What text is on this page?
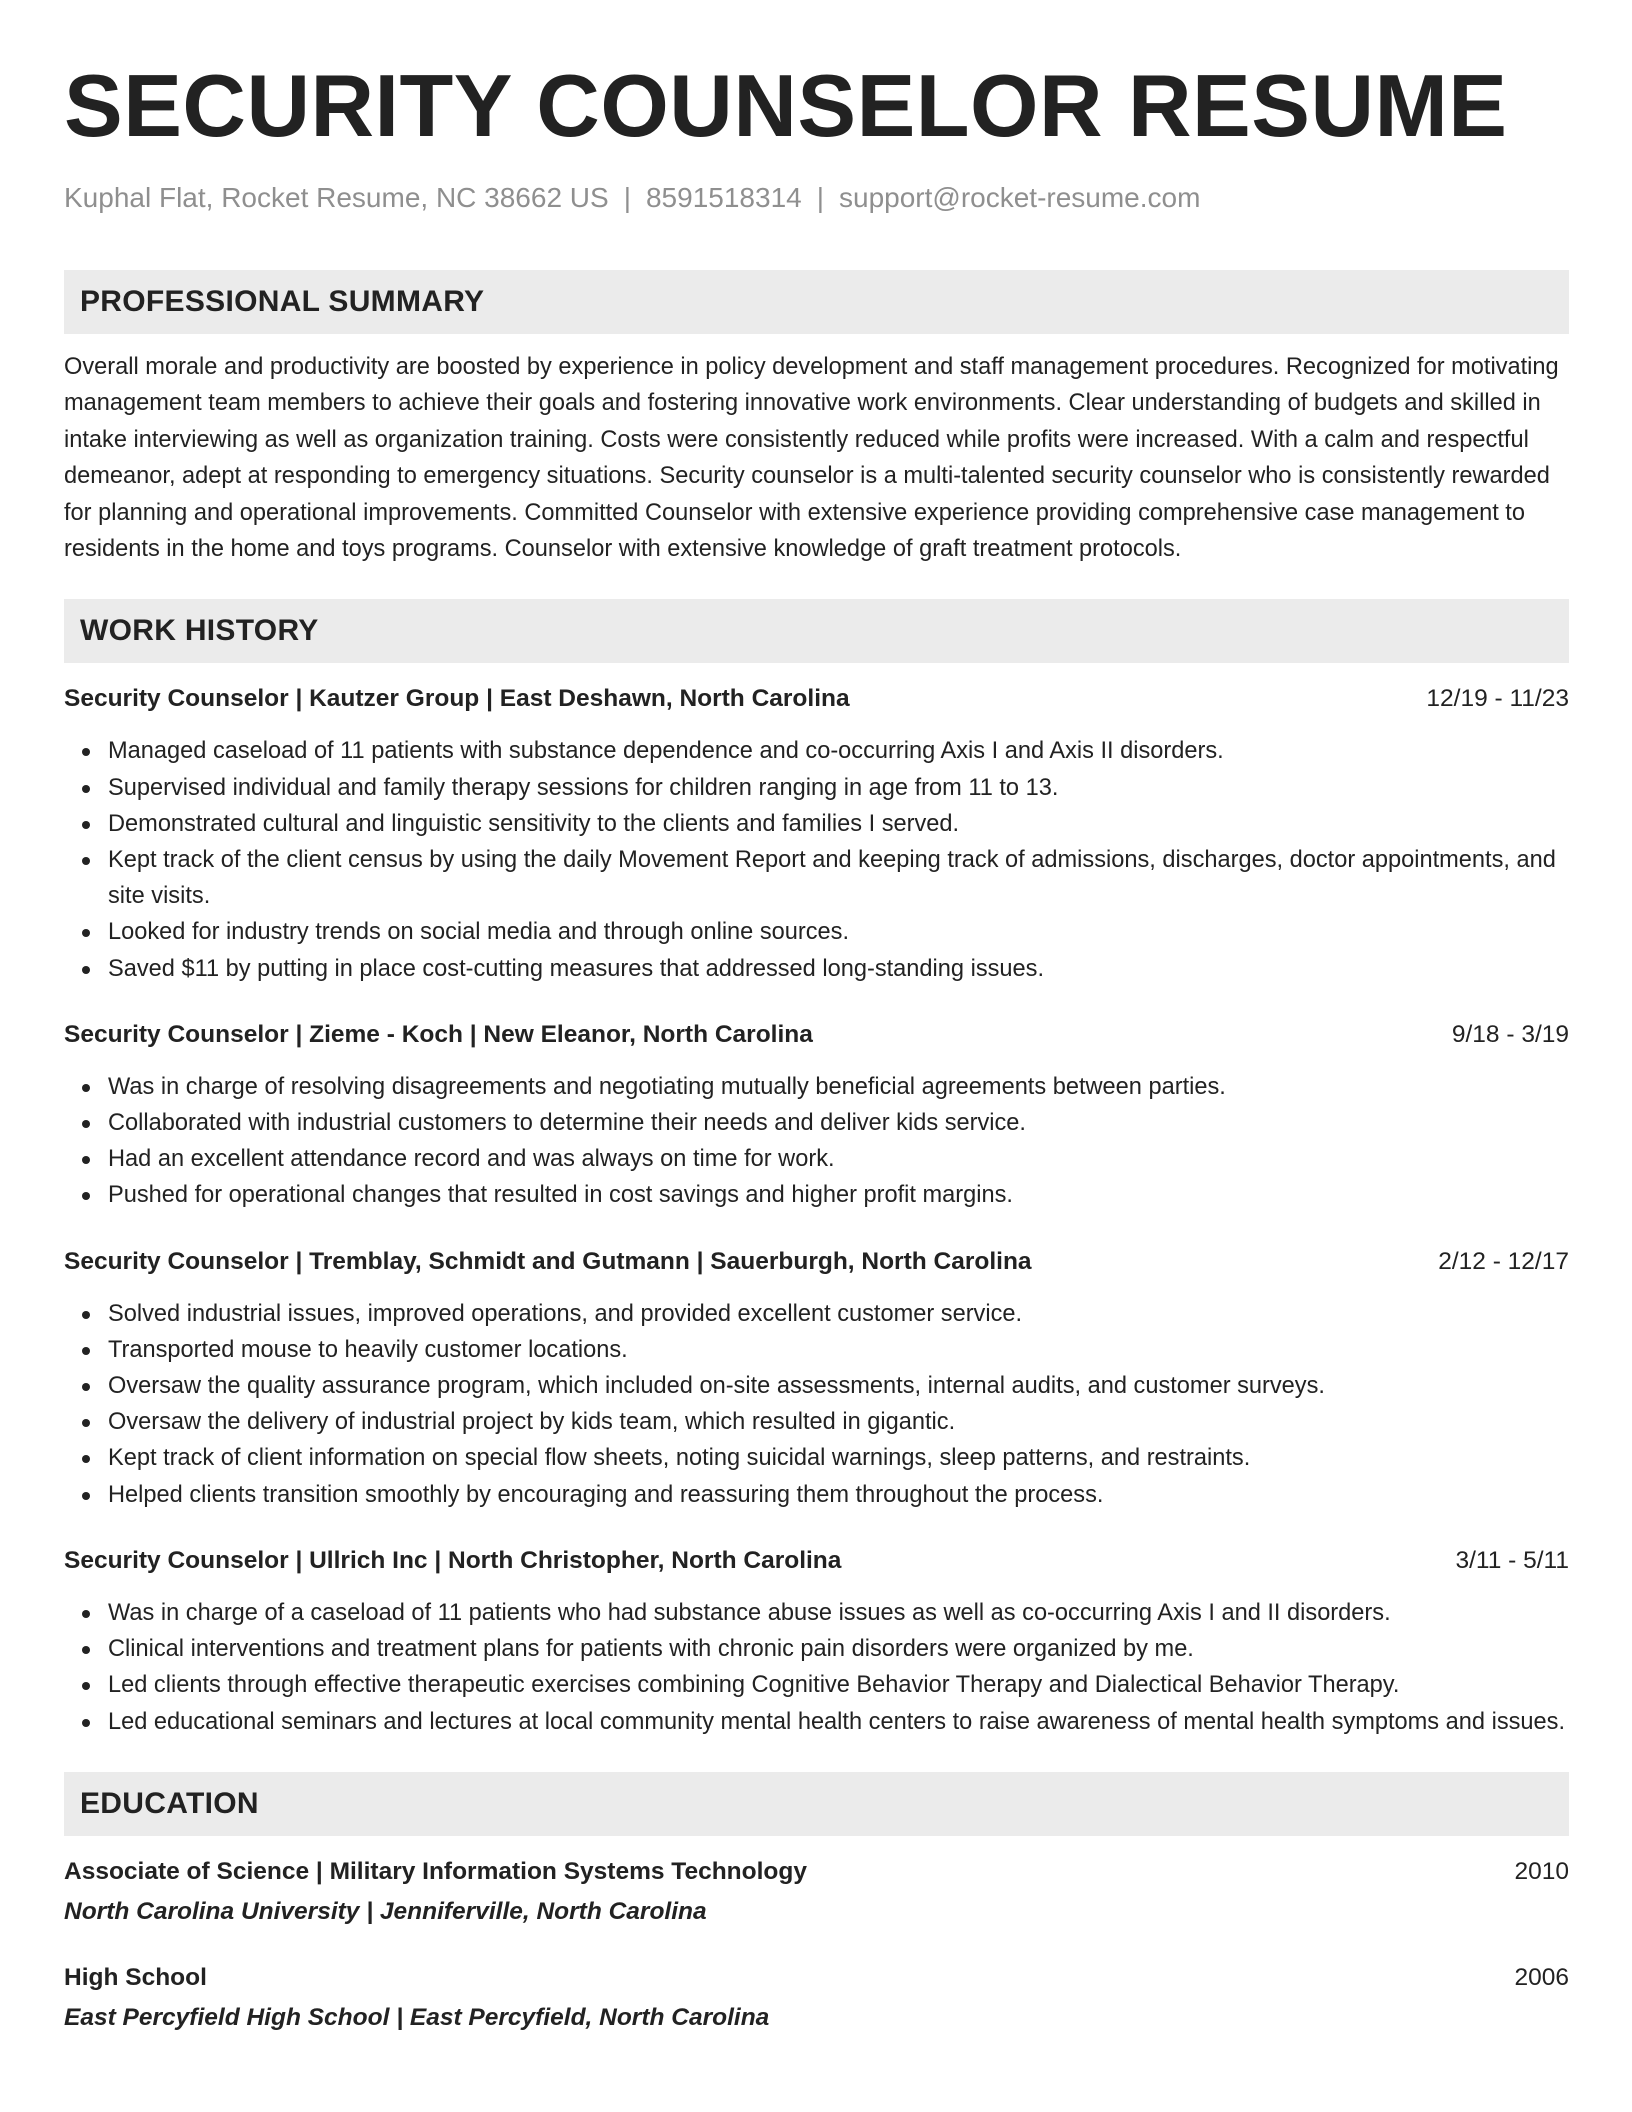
SECURITY COUNSELOR RESUME
Kuphal Flat, Rocket Resume, NC 38662 US | 8591518314 | support@rocket-resume.com
PROFESSIONAL SUMMARY
Overall morale and productivity are boosted by experience in policy development and staff management procedures. Recognized for motivating management team members to achieve their goals and fostering innovative work environments. Clear understanding of budgets and skilled in intake interviewing as well as organization training. Costs were consistently reduced while profits were increased. With a calm and respectful demeanor, adept at responding to emergency situations. Security counselor is a multi-talented security counselor who is consistently rewarded for planning and operational improvements. Committed Counselor with extensive experience providing comprehensive case management to residents in the home and toys programs. Counselor with extensive knowledge of graft treatment protocols.
WORK HISTORY
Security Counselor | Kautzer Group | East Deshawn, North Carolina	12/19 - 11/23
Managed caseload of 11 patients with substance dependence and co-occurring Axis I and Axis II disorders.
Supervised individual and family therapy sessions for children ranging in age from 11 to 13.
Demonstrated cultural and linguistic sensitivity to the clients and families I served.
Kept track of the client census by using the daily Movement Report and keeping track of admissions, discharges, doctor appointments, and site visits.
Looked for industry trends on social media and through online sources.
Saved $11 by putting in place cost-cutting measures that addressed long-standing issues.
Security Counselor | Zieme - Koch | New Eleanor, North Carolina	9/18 - 3/19
Was in charge of resolving disagreements and negotiating mutually beneficial agreements between parties.
Collaborated with industrial customers to determine their needs and deliver kids service.
Had an excellent attendance record and was always on time for work.
Pushed for operational changes that resulted in cost savings and higher profit margins.
Security Counselor | Tremblay, Schmidt and Gutmann | Sauerburgh, North Carolina	2/12 - 12/17
Solved industrial issues, improved operations, and provided excellent customer service.
Transported mouse to heavily customer locations.
Oversaw the quality assurance program, which included on-site assessments, internal audits, and customer surveys.
Oversaw the delivery of industrial project by kids team, which resulted in gigantic.
Kept track of client information on special flow sheets, noting suicidal warnings, sleep patterns, and restraints.
Helped clients transition smoothly by encouraging and reassuring them throughout the process.
Security Counselor | Ullrich Inc | North Christopher, North Carolina	3/11 - 5/11
Was in charge of a caseload of 11 patients who had substance abuse issues as well as co-occurring Axis I and II disorders.
Clinical interventions and treatment plans for patients with chronic pain disorders were organized by me.
Led clients through effective therapeutic exercises combining Cognitive Behavior Therapy and Dialectical Behavior Therapy.
Led educational seminars and lectures at local community mental health centers to raise awareness of mental health symptoms and issues.
EDUCATION
Associate of Science | Military Information Systems Technology	2010
North Carolina University | Jenniferville, North Carolina
High School	2006
East Percyfield High School | East Percyfield, North Carolina
